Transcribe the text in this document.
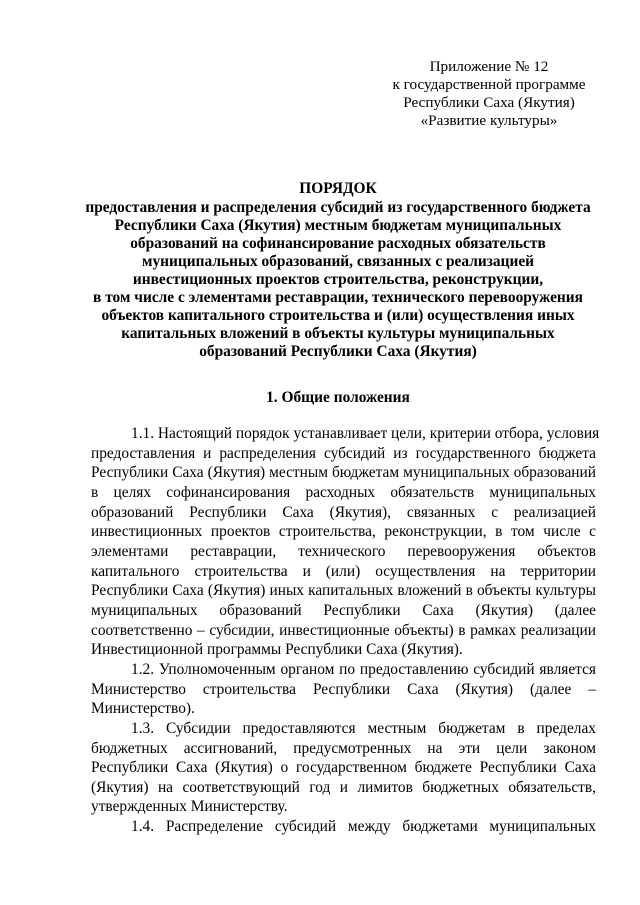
Приложение № 12
к государственной программе
Республики Саха (Якутия)
«Развитие культуры»
ПОРЯДОК
предоставления и распределения субсидий из государственного бюджета
Республики Саха (Якутия) местным бюджетам муниципальных
образований на софинансирование расходных обязательств
муниципальных образований, связанных с реализацией
инвестиционных проектов строительства, реконструкции,
в том числе с элементами реставрации, технического перевооружения
объектов капитального строительства и (или) осуществления иных
капитальных вложений в объекты культуры муниципальных
образований Республики Саха (Якутия)
1. Общие положения
1.1. Настоящий порядок устанавливает цели, критерии отбора, условия
предоставления и распределения субсидий из государственного бюджета
Республики Саха (Якутия) местным бюджетам муниципальных образований
в целях софинансирования расходных обязательств муниципальных
образований Республики Саха (Якутия), связанных с реализацией
инвестиционных проектов строительства, реконструкции, в том числе с
элементами реставрации, технического перевооружения объектов
капитального строительства и (или) осуществления на территории
Республики Саха (Якутия) иных капитальных вложений в объекты культуры
муниципальных образований Республики Саха (Якутия) (далее
соответственно – субсидии, инвестиционные объекты) в рамках реализации
Инвестиционной программы Республики Саха (Якутия).
1.2. Уполномоченным органом по предоставлению субсидий является
Министерство строительства Республики Саха (Якутия) (далее –
Министерство).
1.3. Субсидии предоставляются местным бюджетам в пределах
бюджетных ассигнований, предусмотренных на эти цели законом
Республики Саха (Якутия) о государственном бюджете Республики Саха
(Якутия) на соответствующий год и лимитов бюджетных обязательств,
утвержденных Министерству.
1.4. Распределение субсидий между бюджетами муниципальных
